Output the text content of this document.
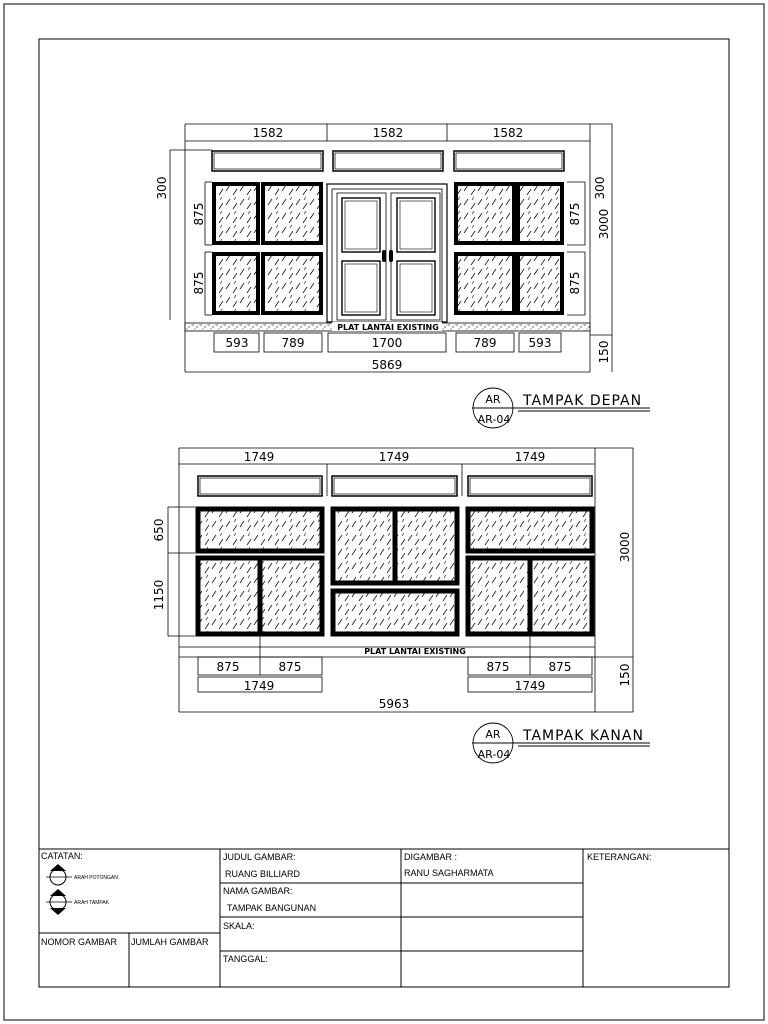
1582	1582	1582
300
875
875
300
875
875
3000
150
PLAT LANTAI EXISTING
593	789	1700	789	593
5869
AR
AR-04
TAMPAK DEPAN
1749	1749	1749
650
1150
3000
150
PLAT LANTAI EXISTING
875	875	875	875
1749	1749
5963
AR
AR-04
TAMPAK KANAN
ARAH POTONGAN
ARAH TAMPAK
CATATAN:
NOMOR GAMBAR JUMLAH GAMBAR
JUDUL GAMBAR:
RUANG BILLIARD
NAMA GAMBAR:
TAMPAK BANGUNAN
SKALA:
TANGGAL:
DIGAMBAR :
RANU SAGHARMATA
KETERANGAN:
